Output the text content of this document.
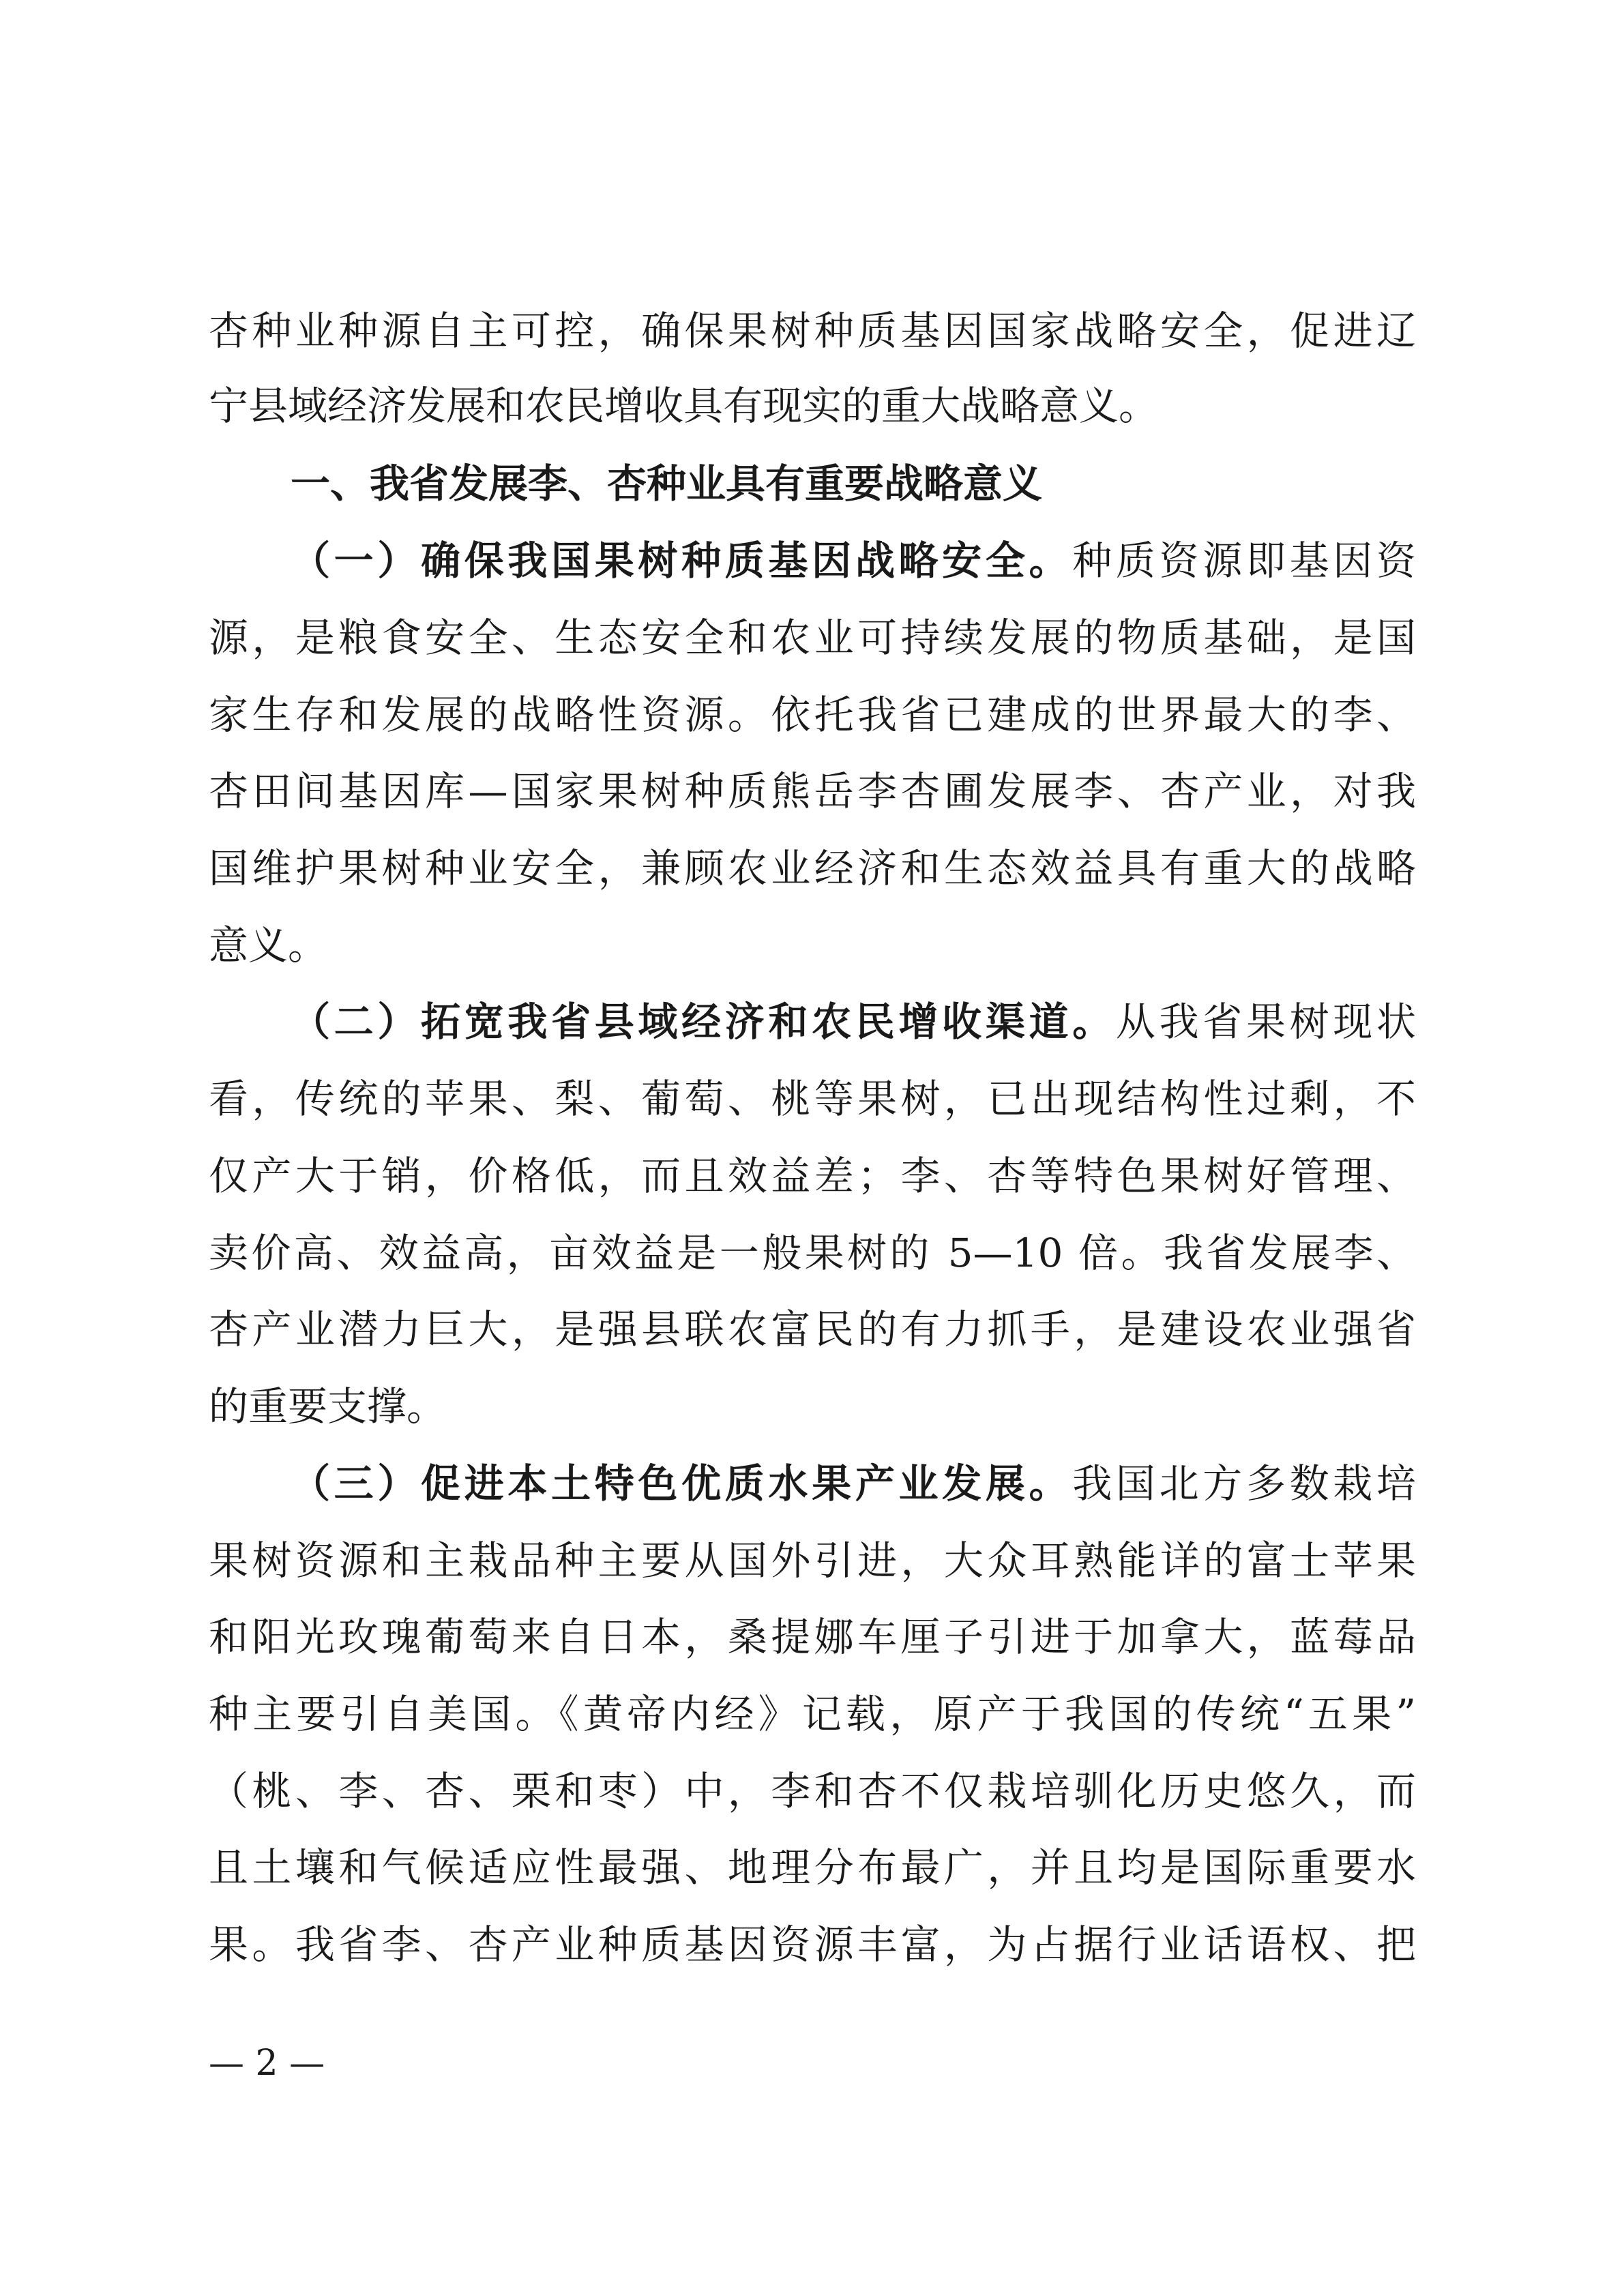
杏种业种源自主可控，确保果树种质基因国家战略安全，促进辽
宁县域经济发展和农民增收具有现实的重大战略意义。
一、我省发展李、杏种业具有重要战略意义
（一）确保我国果树种质基因战略安全。种质资源即基因资
源，是粮食安全、生态安全和农业可持续发展的物质基础，是国
家生存和发展的战略性资源。依托我省已建成的世界最大的李、
杏田间基因库—国家果树种质熊岳李杏圃发展李、杏产业，对我
国维护果树种业安全，兼顾农业经济和生态效益具有重大的战略
意义。
（二）拓宽我省县域经济和农民增收渠道。从我省果树现状
看，传统的苹果、梨、葡萄、桃等果树，已出现结构性过剩，不
仅产大于销，价格低，而且效益差；李、杏等特色果树好管理、
卖价高、效益高，亩效益是一般果树的 5—10 倍。我省发展李、
杏产业潜力巨大，是强县联农富民的有力抓手，是建设农业强省
的重要支撑。
（三）促进本土特色优质水果产业发展。我国北方多数栽培
果树资源和主栽品种主要从国外引进，大众耳熟能详的富士苹果
和阳光玫瑰葡萄来自日本，桑提娜车厘子引进于加拿大，蓝莓品
种主要引自美国。《黄帝内经》记载，原产于我国的传统“五果”
（桃、李、杏、栗和枣）中，李和杏不仅栽培驯化历史悠久，而
且土壤和气候适应性最强、地理分布最广，并且均是国际重要水
果。我省李、杏产业种质基因资源丰富，为占据行业话语权、把
— 2 —
